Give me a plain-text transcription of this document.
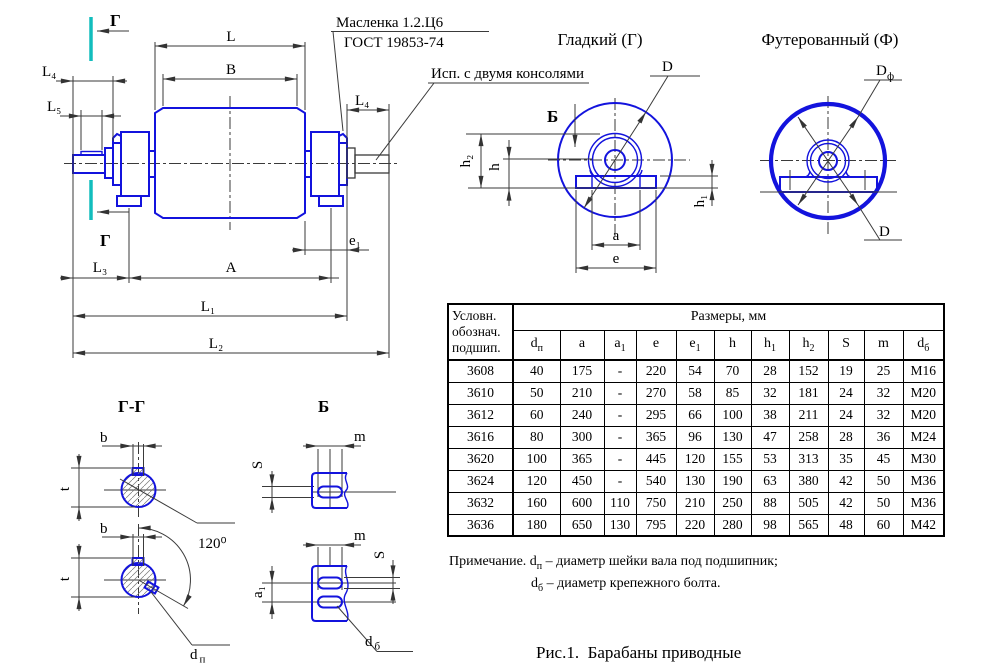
Г
Г
L
B
L₄
L₅	L₄
e₁
L₃	A
L₁
L₂
Масленка 1.2.Ц6
ГОСТ 19853-74
Исп. с двумя консолями
h₂ h
h₁
a
e
D
Б
D ф
D
b
t
b
t
120⁰
d п
m
S
m
S
a₁
d б
Гладкий (Г)	Футерованный (Ф)
Г-Г	Б
Условн.
обознач.
подшип.	Размеры, мм										
	$d_п$	a	$a_1$	e	$e_1$	h	$h_1$	$h_2$	S	m	$d_б$
3608	40	175	-	220	54	70	28	152	19	25	M16
3610	50	210	-	270	58	85	32	181	24	32	M20
3612	60	240	-	295	66	100	38	211	24	32	M20
3616	80	300	-	365	96	130	47	258	28	36	M24
3620	100	365	-	445	120	155	53	313	35	45	M30
3624	120	450	-	540	130	190	63	380	42	50	M36
3632	160	600	110	750	210	250	88	505	42	50	M36
3636	180	650	130	795	220	280	98	565	48	60	M42
Примечание. $d_п$ – диаметр шейки вала под подшипник;
$d_б$ – диаметр крепежного болта.
Рис.1.  Барабаны приводные
